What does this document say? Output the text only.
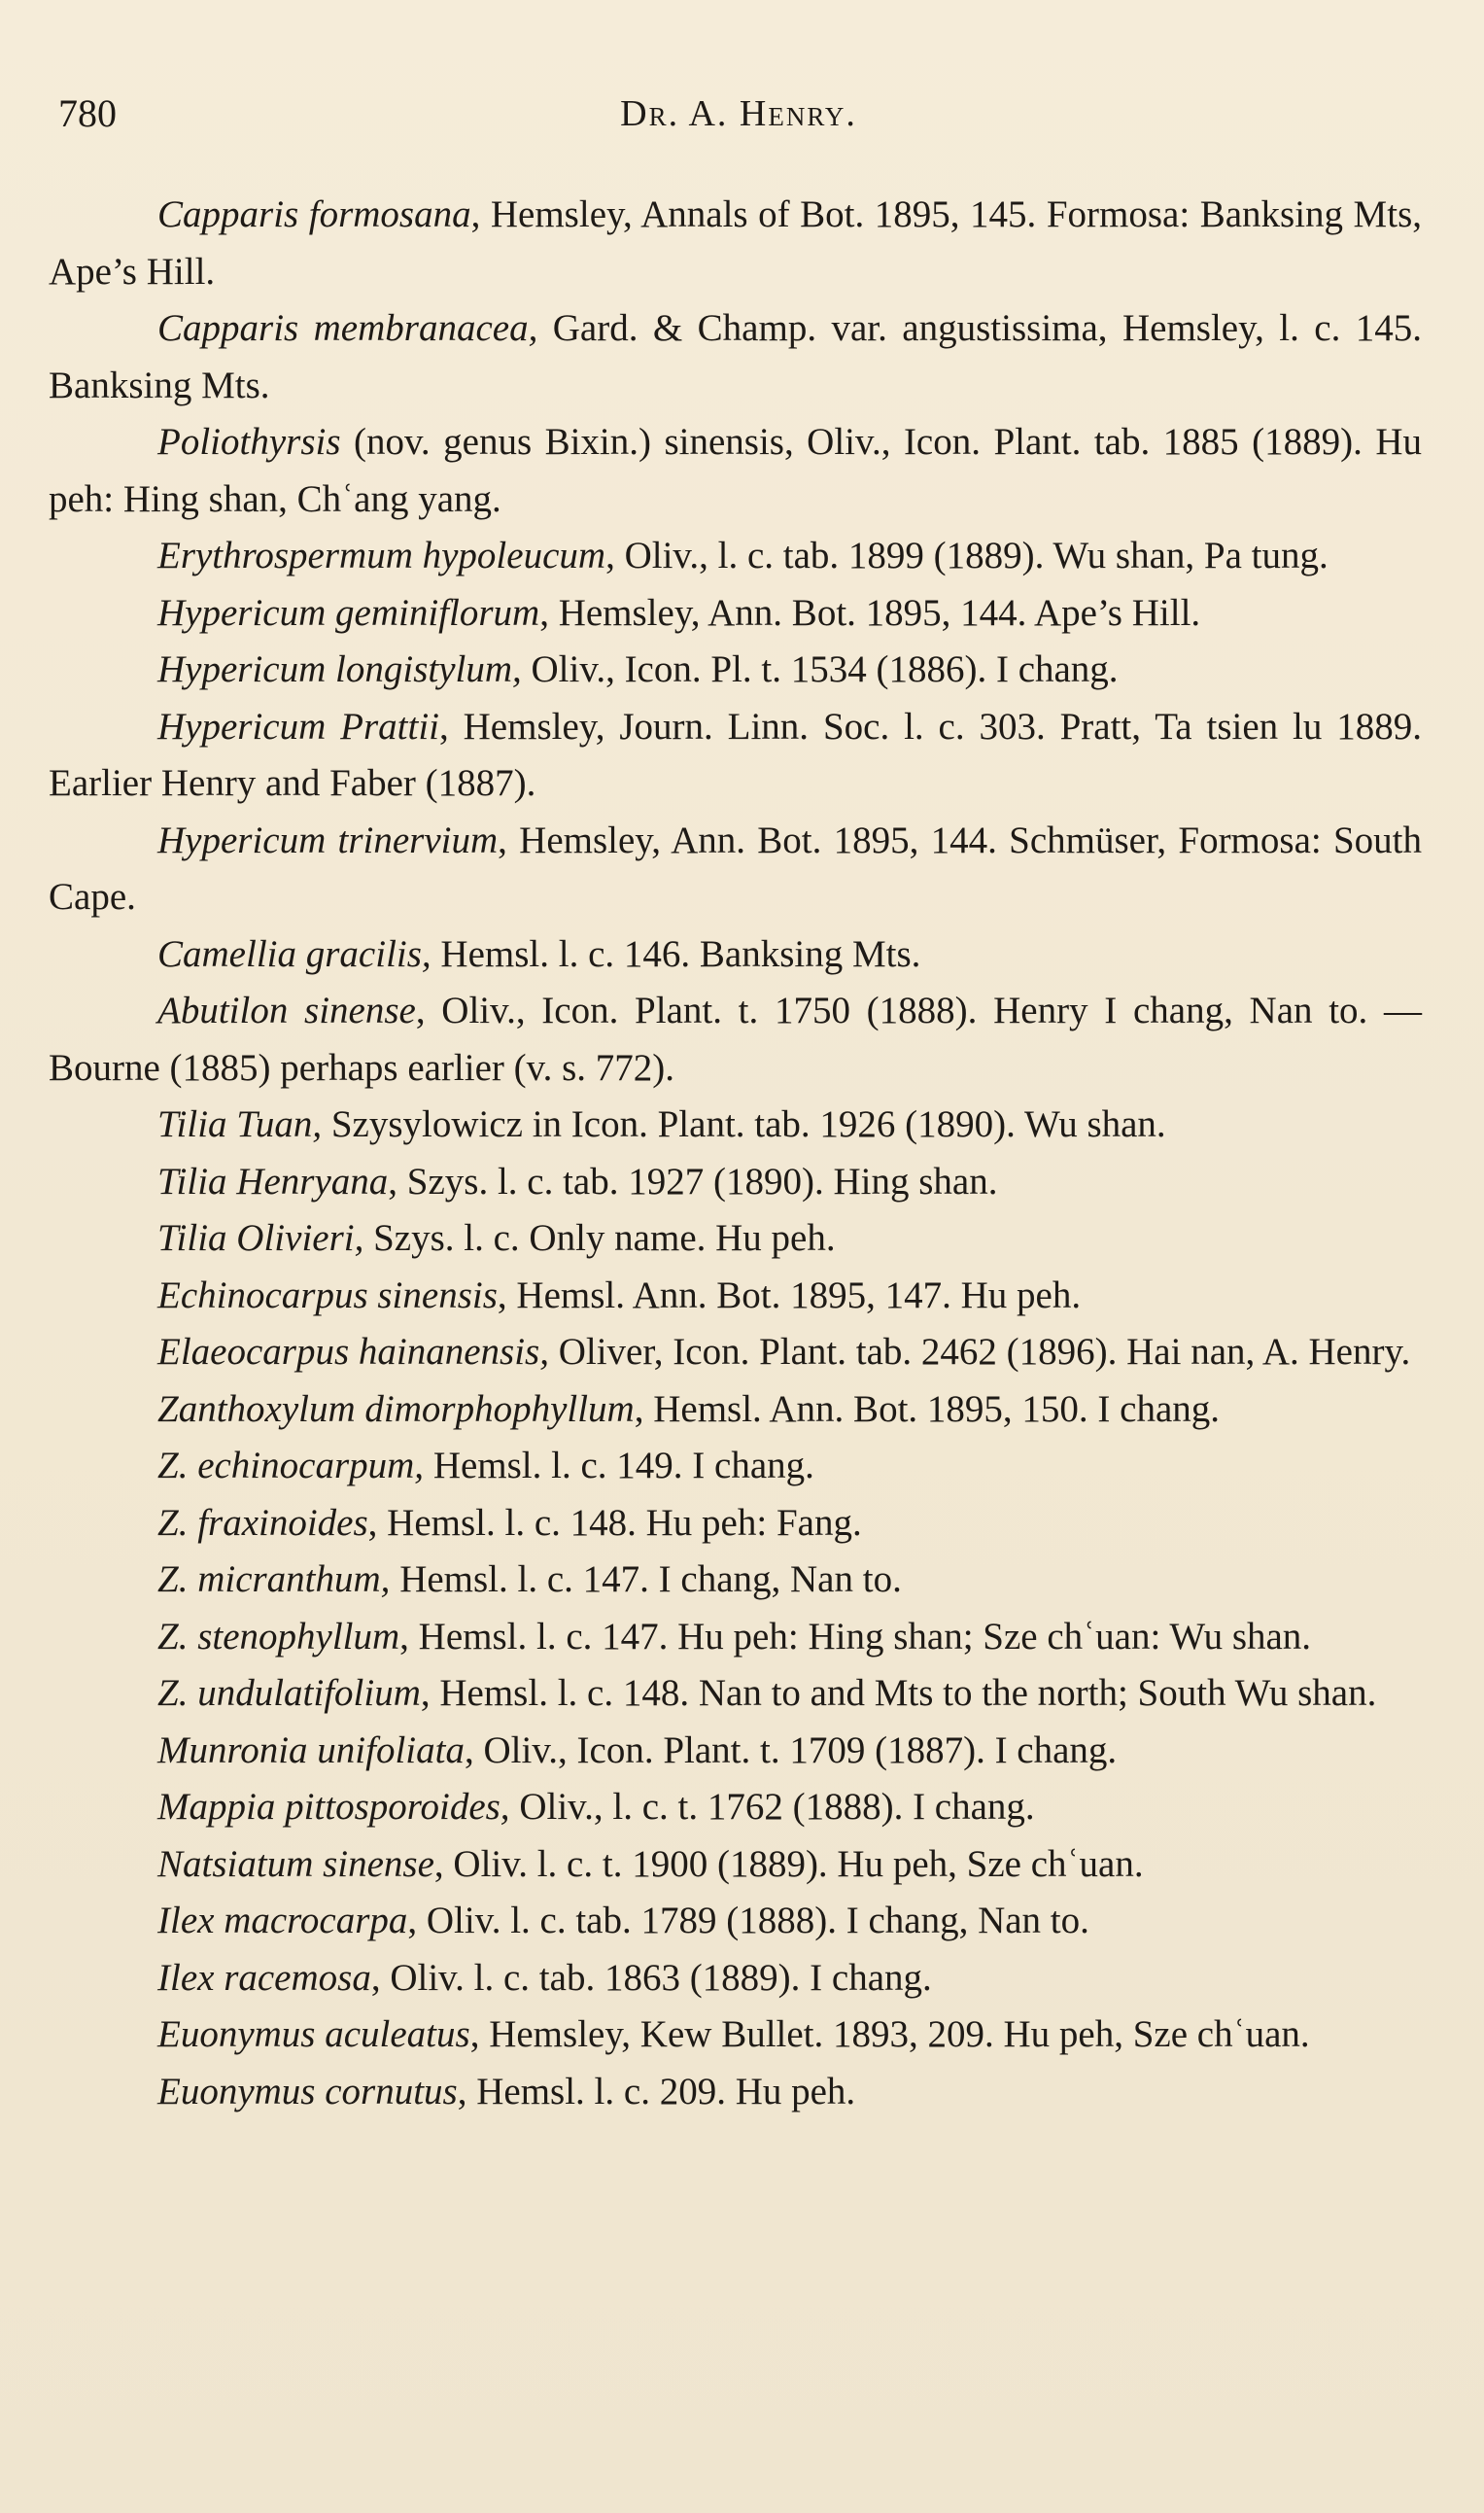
780	Dr. A. Henry.

Capparis formosana, Hemsley, Annals of Bot. 1895, 145. Formosa: Banksing Mts, Ape’s Hill.

Capparis membranacea, Gard. & Champ. var. angustissima, Hemsley, l. c. 145. Banksing Mts.

Poliothyrsis (nov. genus Bixin.) sinensis, Oliv., Icon. Plant. tab. 1885 (1889). Hu peh: Hing shan, Chʿang yang.

Erythrospermum hypoleucum, Oliv., l. c. tab. 1899 (1889). Wu shan, Pa tung.

Hypericum geminiflorum, Hemsley, Ann. Bot. 1895, 144. Ape’s Hill.

Hypericum longistylum, Oliv., Icon. Pl. t. 1534 (1886). I chang.

Hypericum Prattii, Hemsley, Journ. Linn. Soc. l. c. 303. Pratt, Ta tsien lu 1889. Earlier Henry and Faber (1887).

Hypericum trinervium, Hemsley, Ann. Bot. 1895, 144. Schmüser, Formosa: South Cape.

Camellia gracilis, Hemsl. l. c. 146. Banksing Mts.

Abutilon sinense, Oliv., Icon. Plant. t. 1750 (1888). Henry I chang, Nan to. — Bourne (1885) perhaps earlier (v. s. 772).

Tilia Tuan, Szysylowicz in Icon. Plant. tab. 1926 (1890). Wu shan.

Tilia Henryana, Szys. l. c. tab. 1927 (1890). Hing shan.

Tilia Olivieri, Szys. l. c. Only name. Hu peh.

Echinocarpus sinensis, Hemsl. Ann. Bot. 1895, 147. Hu peh.

Elaeocarpus hainanensis, Oliver, Icon. Plant. tab. 2462 (1896). Hai nan, A. Henry.

Zanthoxylum dimorphophyllum, Hemsl. Ann. Bot. 1895, 150. I chang.

Z. echinocarpum, Hemsl. l. c. 149. I chang.

Z. fraxinoides, Hemsl. l. c. 148. Hu peh: Fang.

Z. micranthum, Hemsl. l. c. 147. I chang, Nan to.

Z. stenophyllum, Hemsl. l. c. 147. Hu peh: Hing shan; Sze chʿuan: Wu shan.

Z. undulatifolium, Hemsl. l. c. 148. Nan to and Mts to the north; South Wu shan.

Munronia unifoliata, Oliv., Icon. Plant. t. 1709 (1887). I chang.

Mappia pittosporoides, Oliv., l. c. t. 1762 (1888). I chang.

Natsiatum sinense, Oliv. l. c. t. 1900 (1889). Hu peh, Sze chʿuan.

Ilex macrocarpa, Oliv. l. c. tab. 1789 (1888). I chang, Nan to.

Ilex racemosa, Oliv. l. c. tab. 1863 (1889). I chang.

Euonymus aculeatus, Hemsley, Kew Bullet. 1893, 209. Hu peh, Sze chʿuan.

Euonymus cornutus, Hemsl. l. c. 209. Hu peh.
